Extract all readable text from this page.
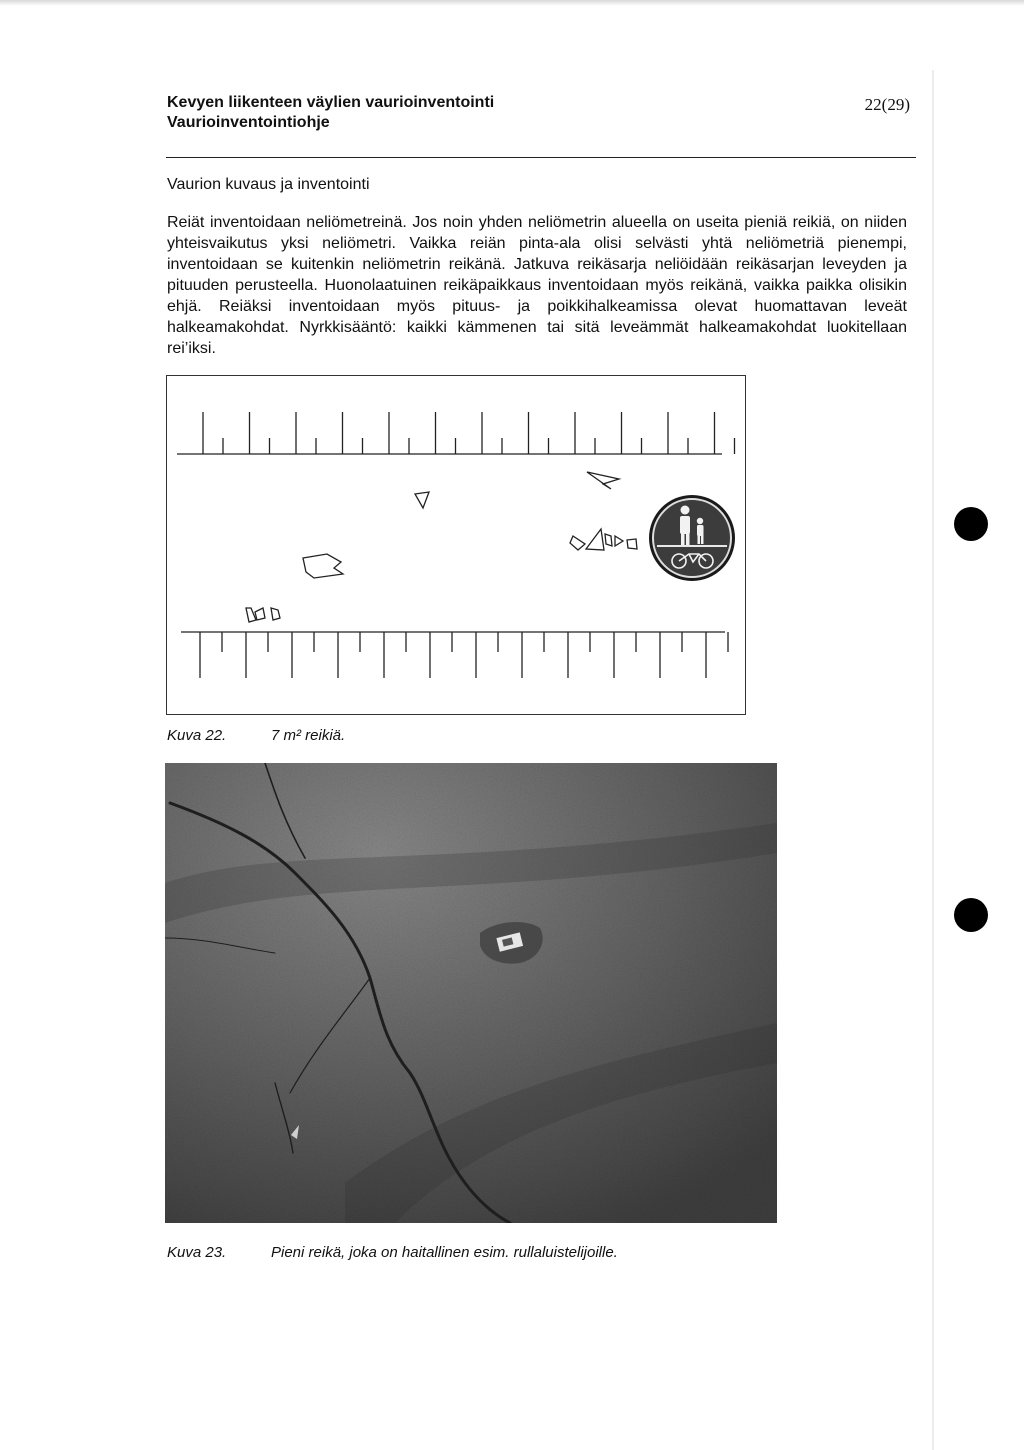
Kevyen liikenteen väylien vaurioinventointi
Vaurioinventointiohje
22(29)
Vaurion kuvaus ja inventointi
Reiät inventoidaan neliömetreinä. Jos noin yhden neliömetrin alueella on useita pieniä reikiä, on niiden yhteisvaikutus yksi neliömetri. Vaikka reiän pinta-ala olisi selvästi yhtä neliömetriä pienempi, inventoidaan se kuitenkin neliömetrin reikänä. Jatkuva reikäsarja neliöidään reikäsarjan leveyden ja pituuden perusteella. Huonolaatuinen reikäpaikkaus inventoidaan myös reikänä, vaikka paikka olisikin ehjä. Reiäksi inventoidaan myös pituus- ja poikkihalkeamissa olevat huomattavan leveät halkeamakohdat. Nyrkkisääntö: kaikki kämmenen tai sitä leveämmät halkeamakohdat luokitellaan rei’iksi.
Kuva 22.	7 m² reikiä.
Kuva 23.	Pieni reikä, joka on haitallinen esim. rullaluistelijoille.
